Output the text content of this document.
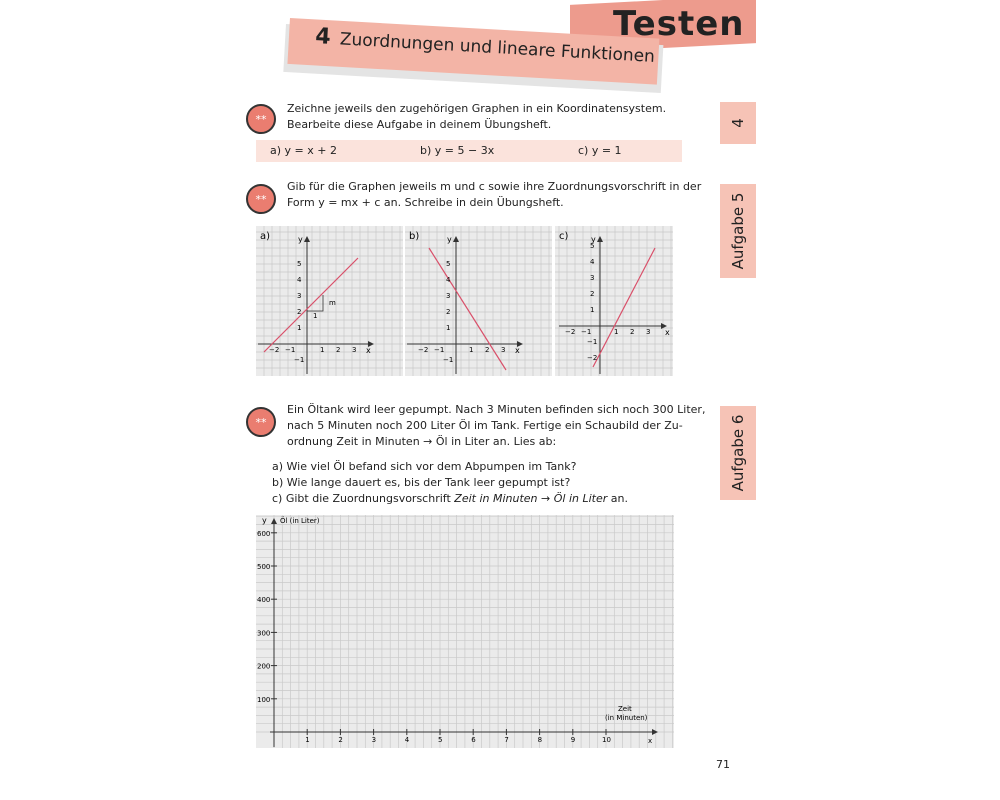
Testen
4 Zuordnungen und lineare Funktionen
4
Aufgabe 5
Aufgabe 6
**
Zeichne jeweils den zugehörigen Graphen in ein Koordinatensystem.
Bearbeite diese Aufgabe in deinem Übungsheft.
a) y = x + 2	b) y = 5 − 3x	c) y = 1
**
Gib für die Graphen jeweils m und c sowie ihre Zuordnungsvorschrift in der
Form y = mx + c an. Schreibe in dein Übungsheft.
a)	y
x
m
1
−2 −1	1 2 3
5
4
3
2
1
−1
b)	y
x
−2 −1	1 2 3
5
4
3
2
1
−1
c)	y
x
−2 −1	1 2 3
5
4
3
2
1
−1
−2
**
Ein Öltank wird leer gepumpt. Nach 3 Minuten befinden sich noch 300 Liter,
nach 5 Minuten noch 200 Liter Öl im Tank. Fertige ein Schaubild der Zu-
ordnung Zeit in Minuten → Öl in Liter an. Lies ab:
a) Wie viel Öl befand sich vor dem Abpumpen im Tank?
b) Wie lange dauert es, bis der Tank leer gepumpt ist?
c) Gibt die Zuordnungsvorschrift Zeit in Minuten → Öl in Liter an.
y Öl (in Liter)
x
Zeit
(in Minuten)
600
500
400
300
200
100
1	2	3	4	5	6	7	8	9	10
71
